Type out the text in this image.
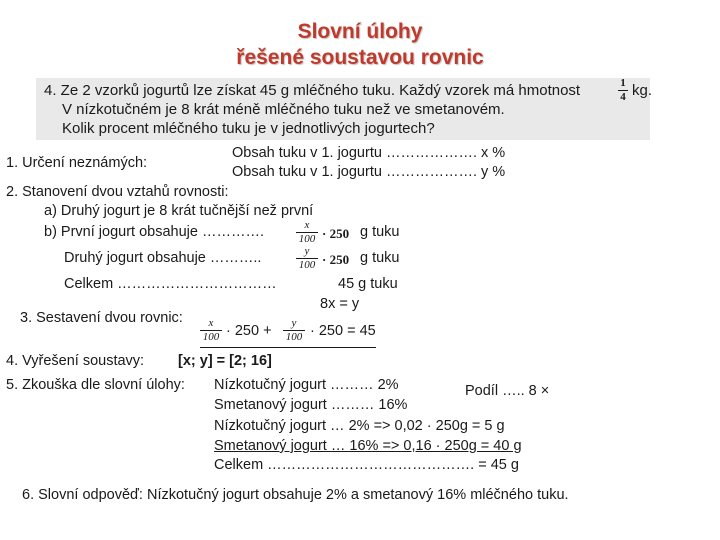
Slovní úlohy
řešené soustavou rovnic
4. Ze 2 vzorků jogurtů lze získat 45 g mléčného tuku. Každý vzorek má hmotnost	1
4 kg.
V nízkotučném je 8 krát méně mléčného tuku než ve smetanovém.
Kolik procent mléčného tuku je v jednotlivých jogurtech?
1. Určení neznámých:
Obsah tuku v 1. jogurtu ………………. x %
Obsah tuku v 1. jogurtu ………………. y %
2. Stanovení dvou vztahů rovnosti:
a) Druhý jogurt je 8 krát tučnější než první
b) První jogurt obsahuje ………….	x
100 · 250 g tuku
Druhý jogurt obsahuje ………..	y
100 · 250 g tuku
Celkem ……………………………	45 g tuku
3. Sestavení dvou rovnic:
8x = y
x
100 · 250 +	y
100 · 250 = 45
4. Vyřešení soustavy: [x; y] = [2; 16]
5. Zkouška dle slovní úlohy: Nízkotučný jogurt ……… 2%	Podíl ….. 8 ×
Smetanový jogurt ……… 16%
Nízkotučný jogurt … 2% => 0,02 · 250g = 5 g
Smetanový jogurt … 16% => 0,16 · 250g = 40 g
Celkem ……………………………………. = 45 g
6. Slovní odpověď: Nízkotučný jogurt obsahuje 2% a smetanový 16% mléčného tuku.
